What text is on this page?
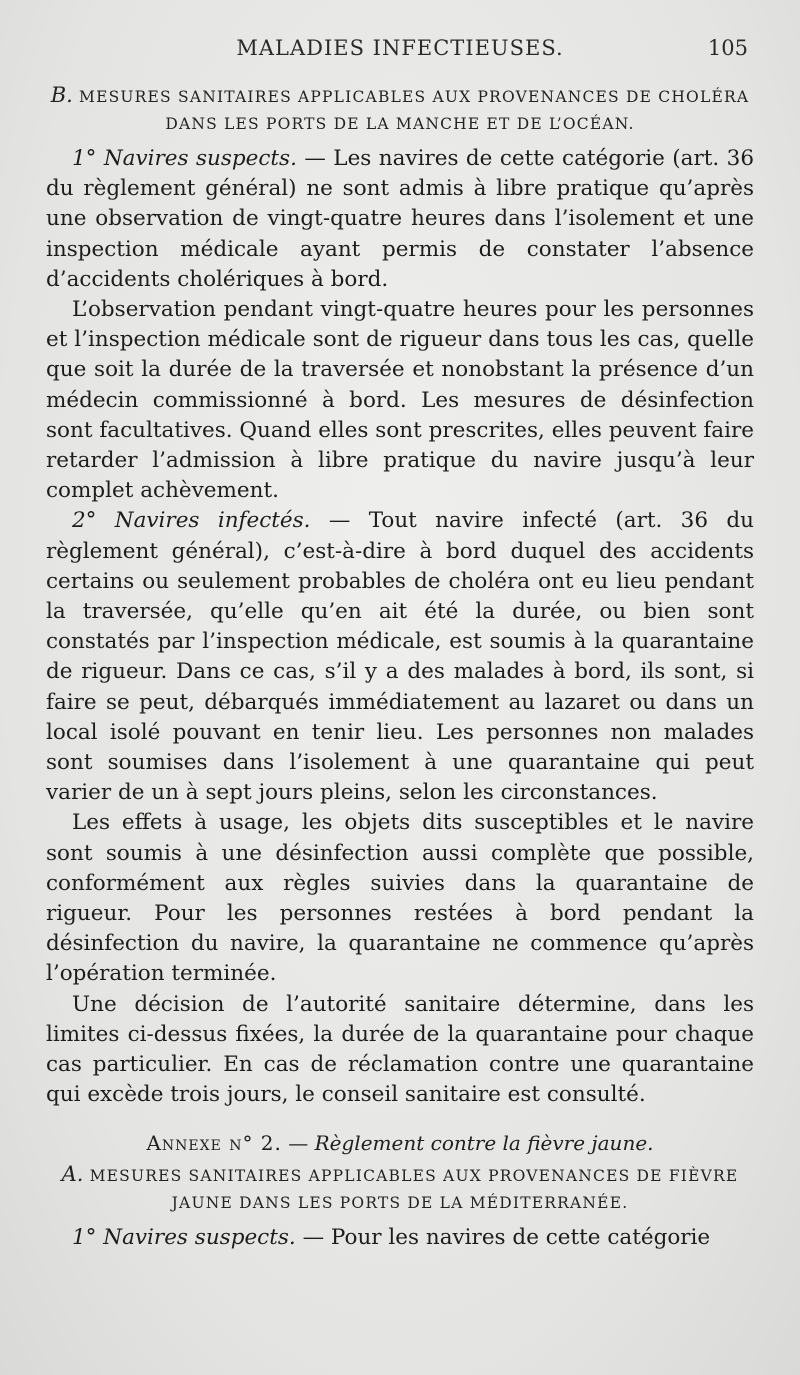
MALADIES INFECTIEUSES.	105
B. MESURES SANITAIRES APPLICABLES AUX PROVENANCES DE CHOLÉRA DANS LES PORTS DE LA MANCHE ET DE L’OCÉAN.

1° Navires suspects. — Les navires de cette catégorie (art. 36 du règlement général) ne sont admis à libre pratique qu’après une observation de vingt-quatre heures dans l’isolement et une inspection médicale ayant permis de constater l’absence d’accidents cholériques à bord.

L’observation pendant vingt-quatre heures pour les personnes et l’inspection médicale sont de rigueur dans tous les cas, quelle que soit la durée de la traversée et nonobstant la présence d’un médecin commissionné à bord. Les mesures de désinfection sont facultatives. Quand elles sont prescrites, elles peuvent faire retarder l’admission à libre pratique du navire jusqu’à leur complet achèvement.

2° Navires infectés. — Tout navire infecté (art. 36 du règlement général), c’est-à-dire à bord duquel des accidents certains ou seulement probables de choléra ont eu lieu pendant la traversée, qu’elle qu’en ait été la durée, ou bien sont constatés par l’inspection médicale, est soumis à la quarantaine de rigueur. Dans ce cas, s’il y a des malades à bord, ils sont, si faire se peut, débarqués immédiatement au lazaret ou dans un local isolé pouvant en tenir lieu. Les personnes non malades sont soumises dans l’isolement à une quarantaine qui peut varier de un à sept jours pleins, selon les circonstances.

Les effets à usage, les objets dits susceptibles et le navire sont soumis à une désinfection aussi complète que possible, conformément aux règles suivies dans la quarantaine de rigueur. Pour les personnes restées à bord pendant la désinfection du navire, la quarantaine ne commence qu’après l’opération terminée.

Une décision de l’autorité sanitaire détermine, dans les limites ci-dessus fixées, la durée de la quarantaine pour chaque cas particulier. En cas de réclamation contre une quarantaine qui excède trois jours, le conseil sanitaire est consulté.

Annexe n° 2. — Règlement contre la fièvre jaune.
A. MESURES SANITAIRES APPLICABLES AUX PROVENANCES DE FIÈVRE JAUNE DANS LES PORTS DE LA MÉDITERRANÉE.

1° Navires suspects. — Pour les navires de cette catégorie
